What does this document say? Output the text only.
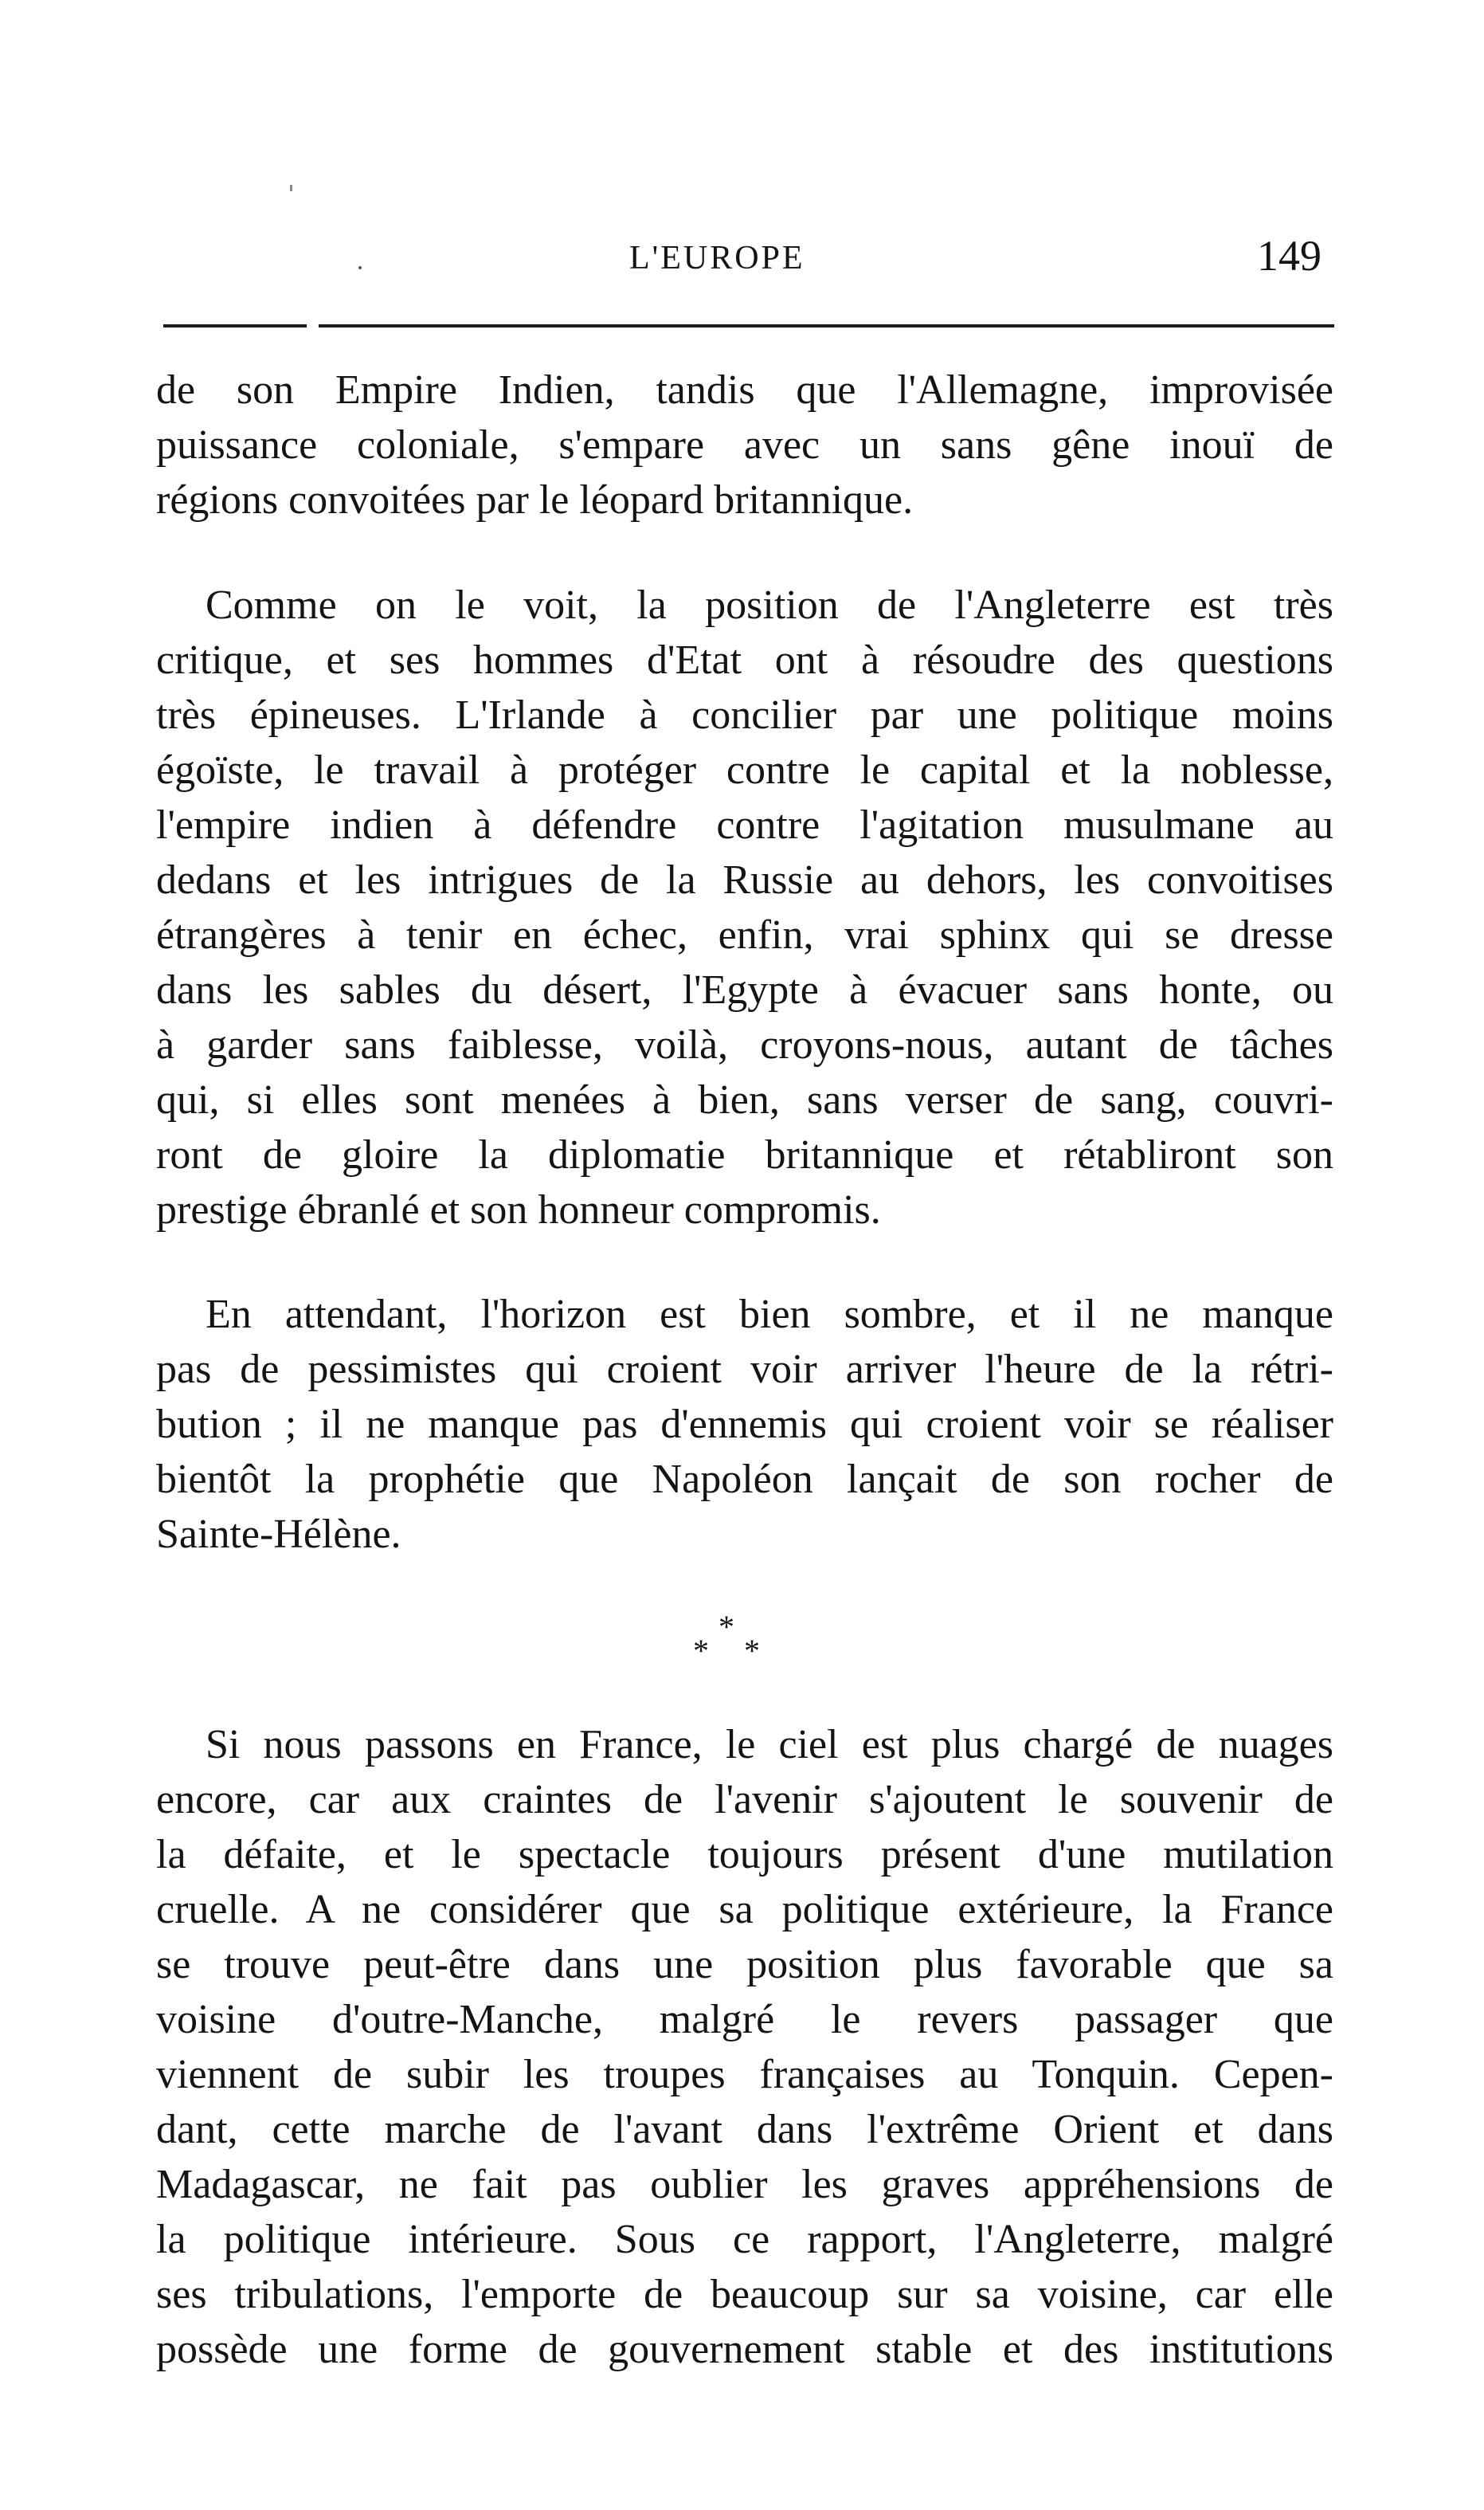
L'EUROPE	149
de son Empire Indien, tandis que l'Allemagne, improvisée
puissance coloniale, s'empare avec un sans gêne inouï de
régions convoitées par le léopard britannique.
Comme on le voit, la position de l'Angleterre est très
critique, et ses hommes d'Etat ont à résoudre des questions
très épineuses. L'Irlande à concilier par une politique moins
égoïste, le travail à protéger contre le capital et la noblesse,
l'empire indien à défendre contre l'agitation musulmane au
dedans et les intrigues de la Russie au dehors, les convoitises
étrangères à tenir en échec, enfin, vrai sphinx qui se dresse
dans les sables du désert, l'Egypte à évacuer sans honte, ou
à garder sans faiblesse, voilà, croyons-nous, autant de tâches
qui, si elles sont menées à bien, sans verser de sang, couvri-
ront de gloire la diplomatie britannique et rétabliront son
prestige ébranlé et son honneur compromis.
En attendant, l'horizon est bien sombre, et il ne manque
pas de pessimistes qui croient voir arriver l'heure de la rétri-
bution ; il ne manque pas d'ennemis qui croient voir se réaliser
bientôt la prophétie que Napoléon lançait de son rocher de
Sainte-Hélène.
*
* *
Si nous passons en France, le ciel est plus chargé de nuages
encore, car aux craintes de l'avenir s'ajoutent le souvenir de
la défaite, et le spectacle toujours présent d'une mutilation
cruelle. A ne considérer que sa politique extérieure, la France
se trouve peut-être dans une position plus favorable que sa
voisine d'outre-Manche, malgré le revers passager que
viennent de subir les troupes françaises au Tonquin. Cepen-
dant, cette marche de l'avant dans l'extrême Orient et dans
Madagascar, ne fait pas oublier les graves appréhensions de
la politique intérieure. Sous ce rapport, l'Angleterre, malgré
ses tribulations, l'emporte de beaucoup sur sa voisine, car elle
possède une forme de gouvernement stable et des institutions
